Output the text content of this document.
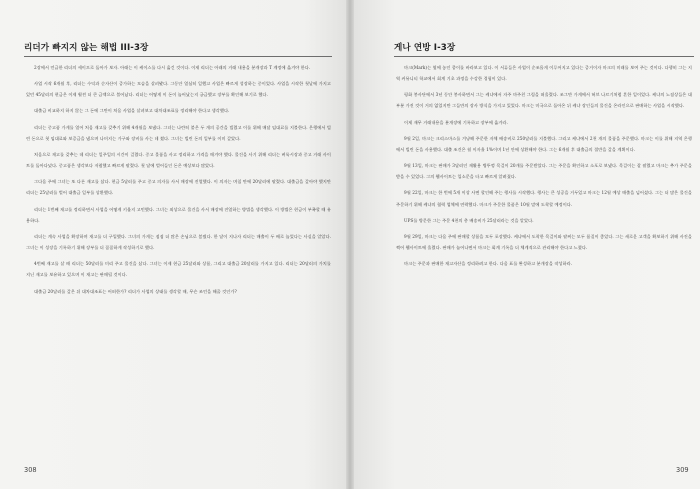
리더가 빠지지 않는 해법 III-3장

2장에서 언급한 리더의 세이프로 돌아가 보자. 아래는 이 케이스를 다시 옮긴 것이다. 이제 리더는 아래의 거래 내용을 분개장과 T 계정에 옮겨야 한다.

사업 시작 6개월 후, 리더는 수익과 순자산이 증가하는 모습을 살펴봤다. 그동안 열심히 일했고 사업은 빠르게 성장하는 중이었다. 사업을 시작한 첫날에 가지고 있던 45달러의 현금은 이제 훨씬 더 큰 금액으로 불어났다. 리더는 어떻게 이 돈이 늘어났는지 궁금했고 장부를 확인해 보기로 했다.

대출금 비교하지 하지 않는 그 돈에 그만이 처음 사업을 살펴보고 대차대조표를 정리해야 한다고 생각했다.

리더는 중고품 가게를 열어 처음 재고를 갖추기 위해 4개월을 보냈다. 그녀는 나란히 붙은 두 개의 공간을 빌렸고 이를 위해 매달 임대료를 지불한다. 은행에서 빌린 돈으로 첫 임대료와 보증금을 냈으며 나머지는 가구와 장비를 사는 데 썼다. 그녀는 빌린 돈의 일부를 이미 갚았다.

처음으로 재고를 갖추는 데 리더는 일주일의 시간이 걸렸다. 중고 물품을 사고 정리하고 가격을 매겨야 했다. 물건을 사기 위해 리더는 벼룩시장과 중고 거래 사이트를 돌아다녔다. 중고품은 생각보다 저렴했고 빠르게 팔렸다. 첫 달에 벌어들인 돈은 예상보다 많았다.

그다음 주에 그녀는 또 다른 재고를 샀다. 현금 5달러를 주고 중고 의자를 사서 매장에 진열했다. 이 의자는 며칠 만에 20달러에 팔렸다. 대출금을 갚아야 했지만 리더는 25달러를 벌어 대출금 일부를 상환했다.

리더는 1번째 재고를 정리하면서 사업을 어떻게 키울지 고민했다. 그녀는 외상으로 물건을 사서 매장에 진열하는 방법을 생각했다. 이 방법은 현금이 부족할 때 유용하다.

리더는 계속 사업을 확장하며 재고를 더 구입했다. 그녀의 가게는 점점 더 많은 손님으로 붐볐다. 한 달이 지나자 리더는 매출이 두 배로 늘었다는 사실을 알았다. 그녀는 이 성장을 기록하기 위해 장부를 더 꼼꼼하게 작성하기로 했다.

4번째 재고를 살 때 리더는 50달러를 미리 주고 물건을 샀다. 그녀는 이제 현금 25달러와 상품, 그리고 대출금 20달러를 가지고 있다. 리더는 20달러의 가치를 지닌 재고를 보유하고 있으며 이 재고는 판매될 것이다.

대출금 20달러를 갚은 뒤 대차대조표는 어떠한가? 리더가 사업의 상태를 생각할 때, 무슨 조언을 해줄 것인가?

308
게나 연방 I-3장

마크(Mark)는 옆에 놓인 종이를 바라보고 있다. 이 서류들은 사업이 순조롭게 이루어지고 있다는 증거이자 마크의 미래를 보여 주는 것이다. 다행히 그는 지역 커뮤니티 학교에서 회계 기초 과정을 수강한 경험이 있다.

평화 봉사단에서 3년 동안 봉사하면서 그는 케냐에서 자주 마주친 그림을 떠올렸다. 조그만 가게에서 허브 나르기처럼 흔한 일이었다. 케냐의 노점상들은 대부분 가진 것이 거의 없었지만 그들만의 장사 방식을 가지고 있었다. 마크는 미국으로 돌아온 뒤 케냐 장인들의 물건을 온라인으로 판매하는 사업을 시작했다.

이제 재무 거래내용을 분개장에 기록하고 장부에 옮겨라.

9월 2일, 마크는 크리스마스를 겨냥해 주문한 자체 배송비로 250달러를 지불했다. 그리고 케냐에서 2천 개의 물품을 주문했다. 마크는 이를 위해 지역 은행에서 빌린 돈을 사용했다. 대출 조건은 월 이자율 1%이며 1년 안에 상환해야 한다. 그는 6개월 후 대출금의 절반을 갚을 계획이다.

9월 13일, 마크는 판매가 3달러인 재활용 병뚜껑 목걸이 20개를 주문받았다. 그는 주문을 확인하고 소포로 보냈다. 목걸이는 잘 팔렸고 마크는 추가 주문을 받을 수 있었다. 그의 웹사이트는 입소문을 타고 빠르게 알려졌다.

9월 22일, 마크는 한 번에 5개 이상 사면 할인해 주는 행사를 시작했다. 행사는 큰 성공을 거두었고 마크는 12월 예상 매출을 넘어섰다. 그는 더 많은 물건을 주문하기 위해 케냐의 협력 업체에 연락했다. 마크가 주문한 물품은 10월 말에 도착할 예정이다.

UPS를 방문한 그는 주문 4천의 총 배송비가 25달러라는 것을 알았다.

9월 29일, 마크는 다음 주에 판매할 상품을 모두 포장했다. 케냐에서 도착한 목걸이와 팔찌는 모두 품질이 좋았다. 그는 새로운 고객을 확보하기 위해 사진을 찍어 웹사이트에 올렸다. 판매가 늘어나면서 마크는 회계 기록을 더 체계적으로 관리해야 한다고 느꼈다.

마크는 주문과 판매한 재고자산을 정리하려고 한다. 다음 표를 완성하고 분개장을 작성하라.

309
